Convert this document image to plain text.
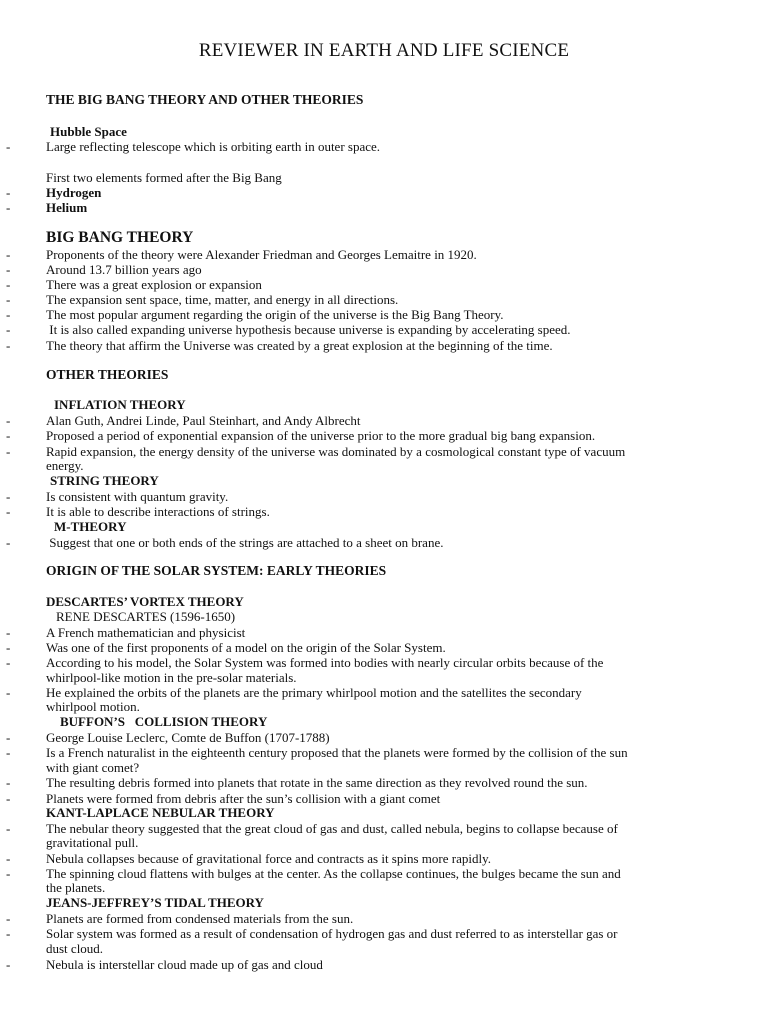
REVIEWER IN EARTH AND LIFE SCIENCE
THE BIG BANG THEORY AND OTHER THEORIES
Hubble Space
-	Large reflecting telescope which is orbiting earth in outer space.
First two elements formed after the Big Bang
-	Hydrogen
-	Helium
BIG BANG THEORY
-	Proponents of the theory were Alexander Friedman and Georges Lemaitre in 1920.
-	Around 13.7 billion years ago
-	There was a great explosion or expansion
-	The expansion sent space, time, matter, and energy in all directions.
-	The most popular argument regarding the origin of the universe is the Big Bang Theory.
-	It is also called expanding universe hypothesis because universe is expanding by accelerating speed.
-	The theory that affirm the Universe was created by a great explosion at the beginning of the time.
OTHER THEORIES
INFLATION THEORY
-	Alan Guth, Andrei Linde, Paul Steinhart, and Andy Albrecht
-	Proposed a period of exponential expansion of the universe prior to the more gradual big bang expansion.
-	Rapid expansion, the energy density of the universe was dominated by a cosmological constant type of vacuum
energy.
STRING THEORY
-	Is consistent with quantum gravity.
-	It is able to describe interactions of strings.
M-THEORY
-	Suggest that one or both ends of the strings are attached to a sheet on brane.
ORIGIN OF THE SOLAR SYSTEM: EARLY THEORIES
DESCARTES’ VORTEX THEORY
RENE DESCARTES (1596-1650)
-	A French mathematician and physicist
-	Was one of the first proponents of a model on the origin of the Solar System.
-	According to his model, the Solar System was formed into bodies with nearly circular orbits because of the
whirlpool-like motion in the pre-solar materials.
-	He explained the orbits of the planets are the primary whirlpool motion and the satellites the secondary
whirlpool motion.
BUFFON’S   COLLISION THEORY
-	George Louise Leclerc, Comte de Buffon (1707-1788)
-	Is a French naturalist in the eighteenth century proposed that the planets were formed by the collision of the sun
with giant comet?
-	The resulting debris formed into planets that rotate in the same direction as they revolved round the sun.
-	Planets were formed from debris after the sun’s collision with a giant comet
KANT-LAPLACE NEBULAR THEORY
-	The nebular theory suggested that the great cloud of gas and dust, called nebula, begins to collapse because of
gravitational pull.
-	Nebula collapses because of gravitational force and contracts as it spins more rapidly.
-	The spinning cloud flattens with bulges at the center. As the collapse continues, the bulges became the sun and
the planets.
JEANS-JEFFREY’S TIDAL THEORY
-	Planets are formed from condensed materials from the sun.
-	Solar system was formed as a result of condensation of hydrogen gas and dust referred to as interstellar gas or
dust cloud.
-	Nebula is interstellar cloud made up of gas and cloud
